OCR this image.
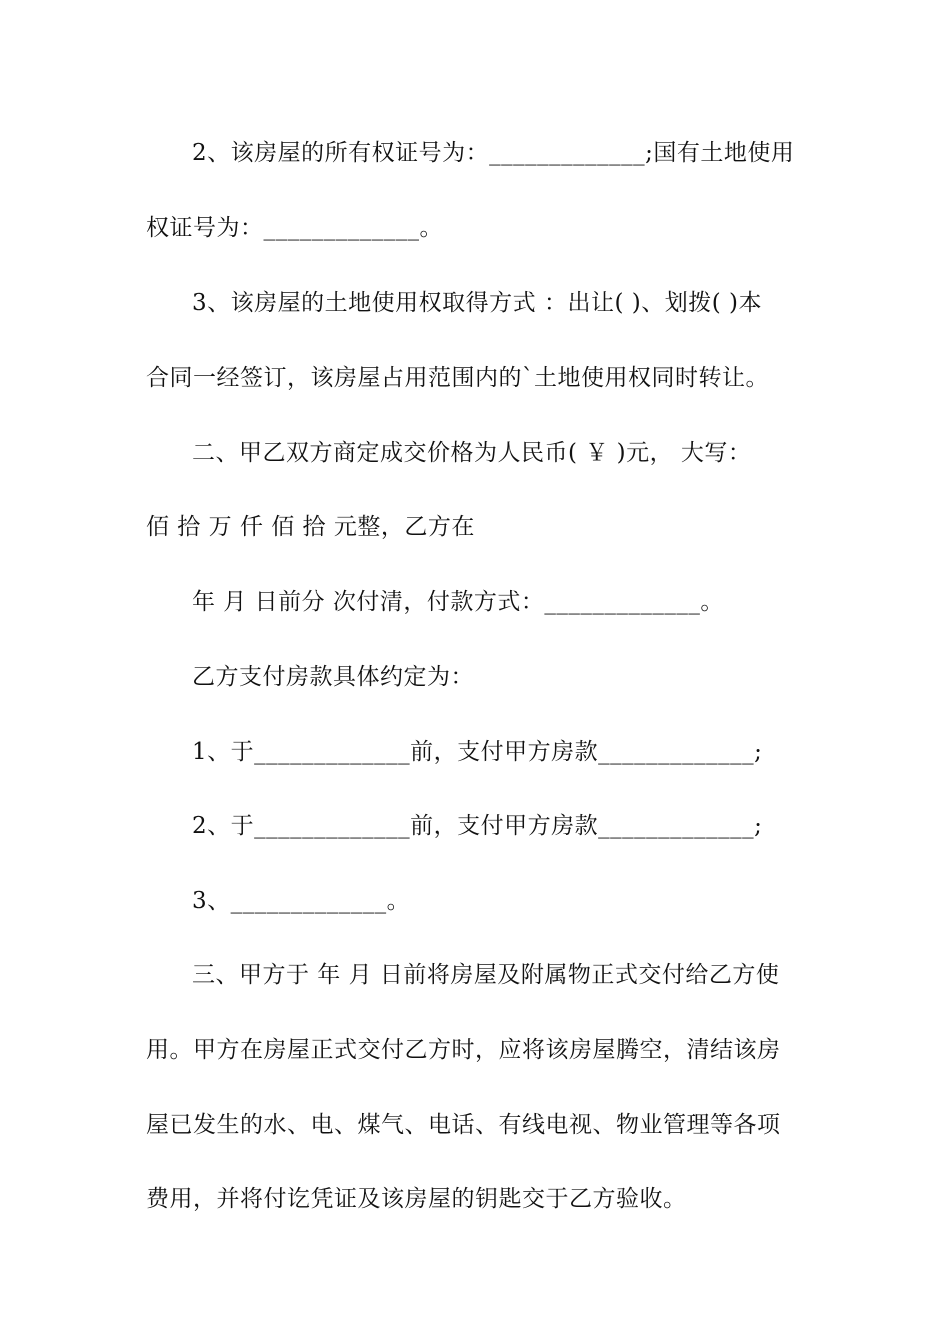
2、该房屋的所有权证号为：_____________;国有土地使用
权证号为：_____________。
3、该房屋的土地使用权取得方式 ：出让( )、划拨( )本
合同一经签订，该房屋占用范围内的`土地使用权同时转让。
二、甲乙双方商定成交价格为人民币( ￥ )元， 大写：
佰 拾 万 仟 佰 拾 元整，乙方在
年 月 日前分 次付清，付款方式：_____________。
乙方支付房款具体约定为：
1、于_____________前，支付甲方房款_____________;
2、于_____________前，支付甲方房款_____________;
3、_____________。
三、甲方于 年 月 日前将房屋及附属物正式交付给乙方使
用。甲方在房屋正式交付乙方时，应将该房屋腾空，清结该房
屋已发生的水、电、煤气、电话、有线电视、物业管理等各项
费用，并将付讫凭证及该房屋的钥匙交于乙方验收。
